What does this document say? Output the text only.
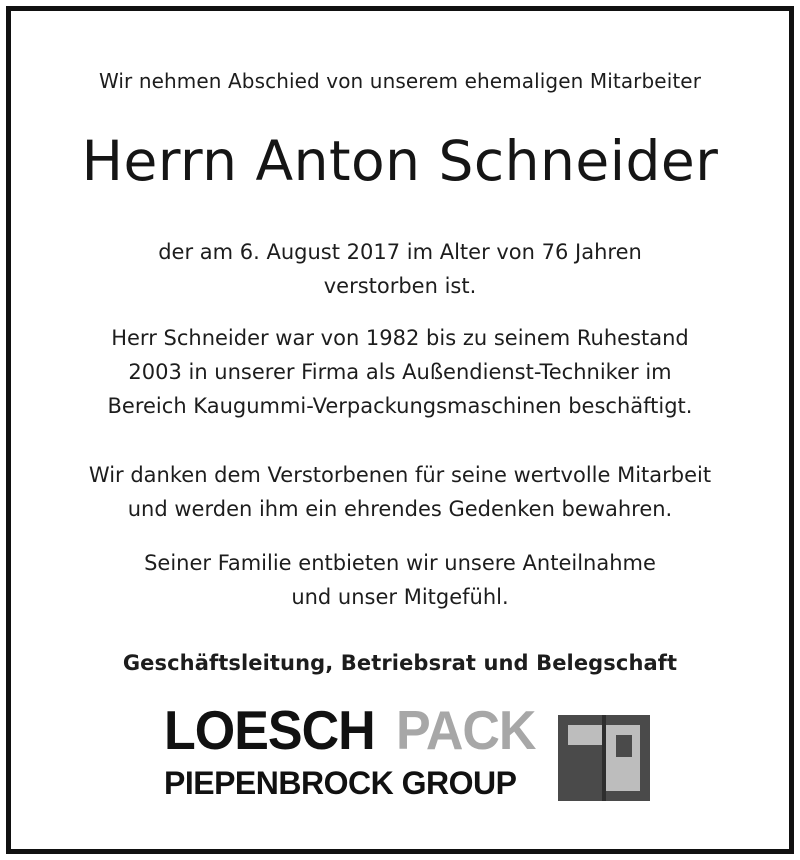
Wir nehmen Abschied von unserem ehemaligen Mitarbeiter
Herrn Anton Schneider
der am 6. August 2017 im Alter von 76 Jahren
verstorben ist.
Herr Schneider war von 1982 bis zu seinem Ruhestand
2003 in unserer Firma als Außendienst-Techniker im
Bereich Kaugummi-Verpackungsmaschinen beschäftigt.
Wir danken dem Verstorbenen für seine wertvolle Mitarbeit
und werden ihm ein ehrendes Gedenken bewahren.
Seiner Familie entbieten wir unsere Anteilnahme
und unser Mitgefühl.
Geschäftsleitung, Betriebsrat und Belegschaft
LOESCH PACK
PIEPENBROCK GROUP
